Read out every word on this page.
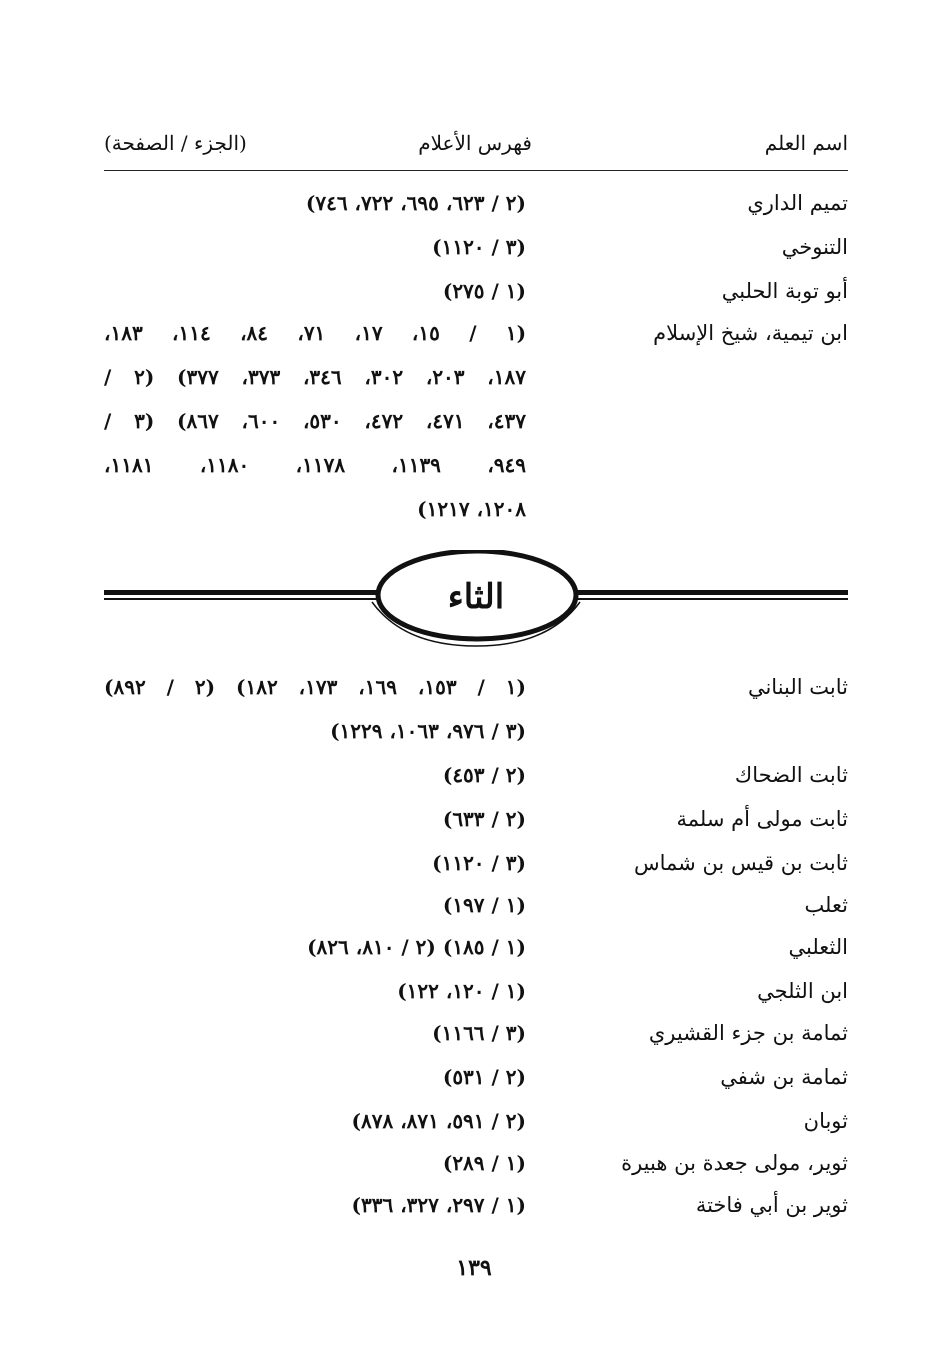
اسم العلم
فهرس الأعلام
(الجزء / الصفحة)
تميم الداري
(٢ / ٦٢٣، ٦٩٥، ٧٢٢، ٧٤٦)
التنوخي
(٣ / ١١٢٠)
أبو توبة الحلبي
(١ / ٢٧٥)
ابن تيمية، شيخ الإسلام
(١ / ١٥، ١٧، ٧١، ٨٤، ١١٤، ١٨٣،
١٨٧، ٢٠٣، ٣٠٢، ٣٤٦، ٣٧٣، ٣٧٧) (٢ /
٤٣٧، ٤٧١، ٤٧٢، ٥٣٠، ٦٠٠، ٨٦٧) (٣ /
٩٤٩، ١١٣٩، ١١٧٨، ١١٨٠، ١١٨١،
١٢٠٨، ١٢١٧)
الثاء
ثابت البناني
(١ / ١٥٣، ١٦٩، ١٧٣، ١٨٢) (٢ / ٨٩٢)
(٣ / ٩٧٦، ١٠٦٣، ١٢٢٩)
ثابت الضحاك
(٢ / ٤٥٣)
ثابت مولى أم سلمة
(٢ / ٦٣٣)
ثابت بن قيس بن شماس
(٣ / ١١٢٠)
ثعلب
(١ / ١٩٧)
الثعلبي
(١ / ١٨٥) (٢ / ٨١٠، ٨٢٦)
ابن الثلجي
(١ / ١٢٠، ١٢٢)
ثمامة بن جزء القشيري
(٣ / ١١٦٦)
ثمامة بن شفي
(٢ / ٥٣١)
ثوبان
(٢ / ٥٩١، ٨٧١، ٨٧٨)
ثوير، مولى جعدة بن هبيرة
(١ / ٢٨٩)
ثوير بن أبي فاختة
(١ / ٢٩٧، ٣٢٧، ٣٣٦)
١٣٩
